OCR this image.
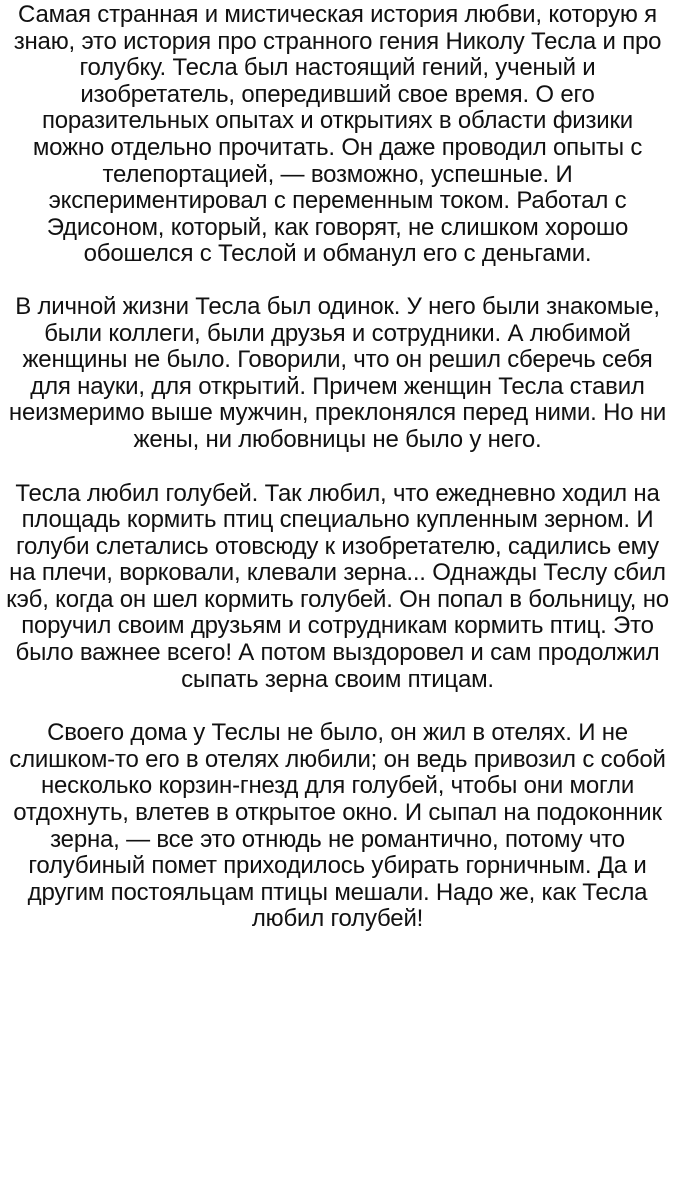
Самая странная и мистическая история любви, которую я знаю, это история про странного гения Николу Тесла и про голубку. Тесла был настоящий гений, ученый и изобретатель, опередивший свое время. О его поразительных опытах и открытиях в области физики можно отдельно прочитать. Он даже проводил опыты с телепортацией, — возможно, успешные. И экспериментировал с переменным током. Работал с Эдисоном, который, как говорят, не слишком хорошо обошелся с Теслой и обманул его с деньгами.

В личной жизни Тесла был одинок. У него были знакомые, были коллеги, были друзья и сотрудники. А любимой женщины не было. Говорили, что он решил сберечь себя для науки, для открытий. Причем женщин Тесла ставил неизмеримо выше мужчин, преклонялся перед ними. Но ни жены, ни любовницы не было у него.

Тесла любил голубей. Так любил, что ежедневно ходил на площадь кормить птиц специально купленным зерном. И голуби слетались отовсюду к изобретателю, садились ему на плечи, ворковали, клевали зерна... Однажды Теслу сбил кэб, когда он шел кормить голубей. Он попал в больницу, но поручил своим друзьям и сотрудникам кормить птиц. Это было важнее всего! А потом выздоровел и сам продолжил сыпать зерна своим птицам.

Своего дома у Теслы не было, он жил в отелях. И не слишком-то его в отелях любили; он ведь привозил с собой несколько корзин-гнезд для голубей, чтобы они могли отдохнуть, влетев в открытое окно. И сыпал на подоконник зерна, — все это отнюдь не романтично, потому что голубиный помет приходилось убирать горничным. Да и другим постояльцам птицы мешали. Надо же, как Тесла любил голубей!
